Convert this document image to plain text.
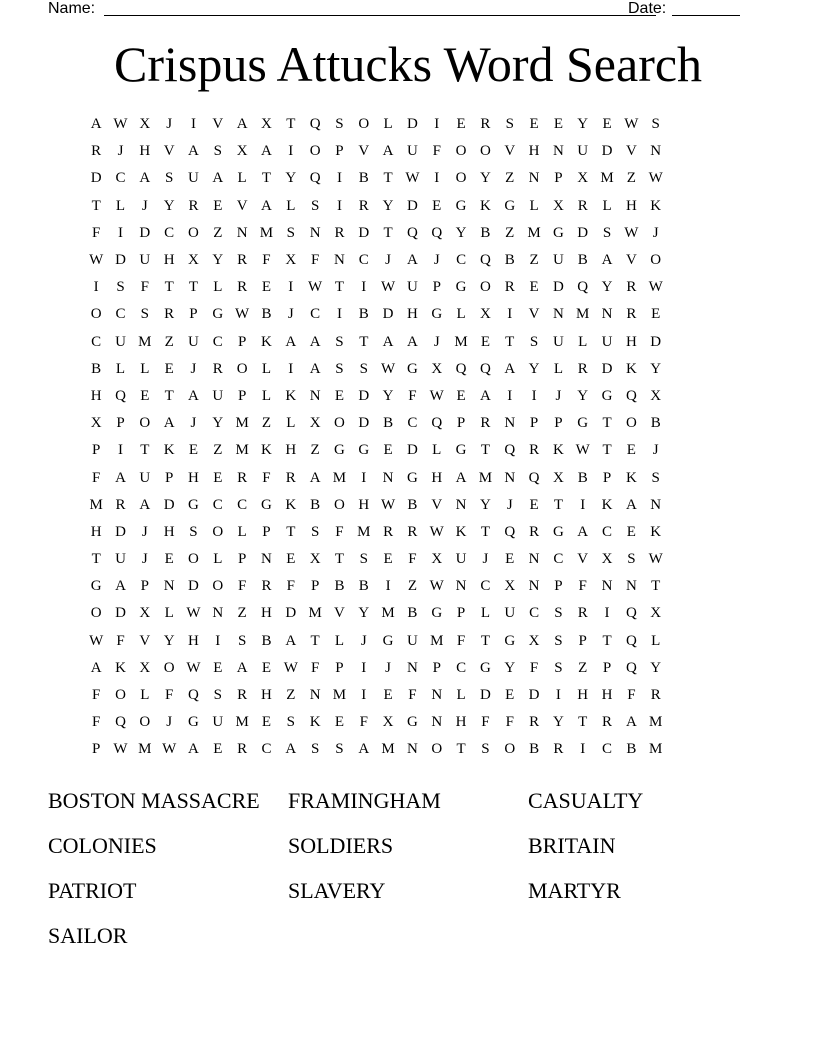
Name:	Date:
Crispus Attucks Word Search
A W X	J	I	V A X T Q S O L D	I	E R	S	E	E Y E W S
R	J	H V A S X A	I	O P V A U F O O V H N U D V N
D C A S U A L	T Y Q	I	B T W I	O Y Z N P X M Z W
T	L	J	Y R E V A L	S	I	R Y D E G K G L X R L H K
F	I	D C O Z N M S N R D T Q Q Y B Z M G D S W J
W D U H X Y R	F X F N C	J	A	J	C Q B Z U B A V O
I	S	F	T	T	L R E	I W T	I W U P G O R E D Q Y R W
O C	S	R	P G W B	J	C	I	B D H G L X	I	V N M N R E
C U M Z U C	P K A A S	T A A	J M E	T	S U L U H D
B L	L	E	J	R O L	I	A S	S W G X Q Q A Y L R D K Y
H Q E	T A U P	L K N E D Y F W E A	I	I	J	Y G Q X
X P O A	J	Y M Z	L X O D B C Q P	R N P	P G T O B
P	I	T K E	Z M K H Z G G E D L G T Q R K W T	E	J
F A U P H E R	F	R A M	I	N G H A M N Q X B	P K S
M R A D G C C G K B O H W B V N Y	J	E	T	I	K A N
H D	J	H S O L	P	T	S	F M R R W K T Q R G A C E K
T U	J	E O L	P N E X T	S	E	F X U	J	E N C V X S W
G A P N D O F	R	F	P	B B	I	Z W N C X N P	F N N T
O D X L W N Z H D M V Y M B G P	L U C	S	R	I	Q X
W F V Y H	I	S	B A T	L	J	G U M F	T G X S	P	T Q L
A K X O W E A E W F	P	I	J	N P	C G Y F	S	Z	P Q Y
F O L	F Q S	R H Z N M	I	E	F N L D E D	I	H H F	R
F Q O	J	G U M E	S K E	F X G N H F	F	R Y T R A M
P W M W A E R C A S	S A M N O T	S O B R	I	C B M
BOSTON MASSACRE	FRAMINGHAM	CASUALTY
COLONIES	SOLDIERS	BRITAIN
PATRIOT	SLAVERY	MARTYR
SAILOR
